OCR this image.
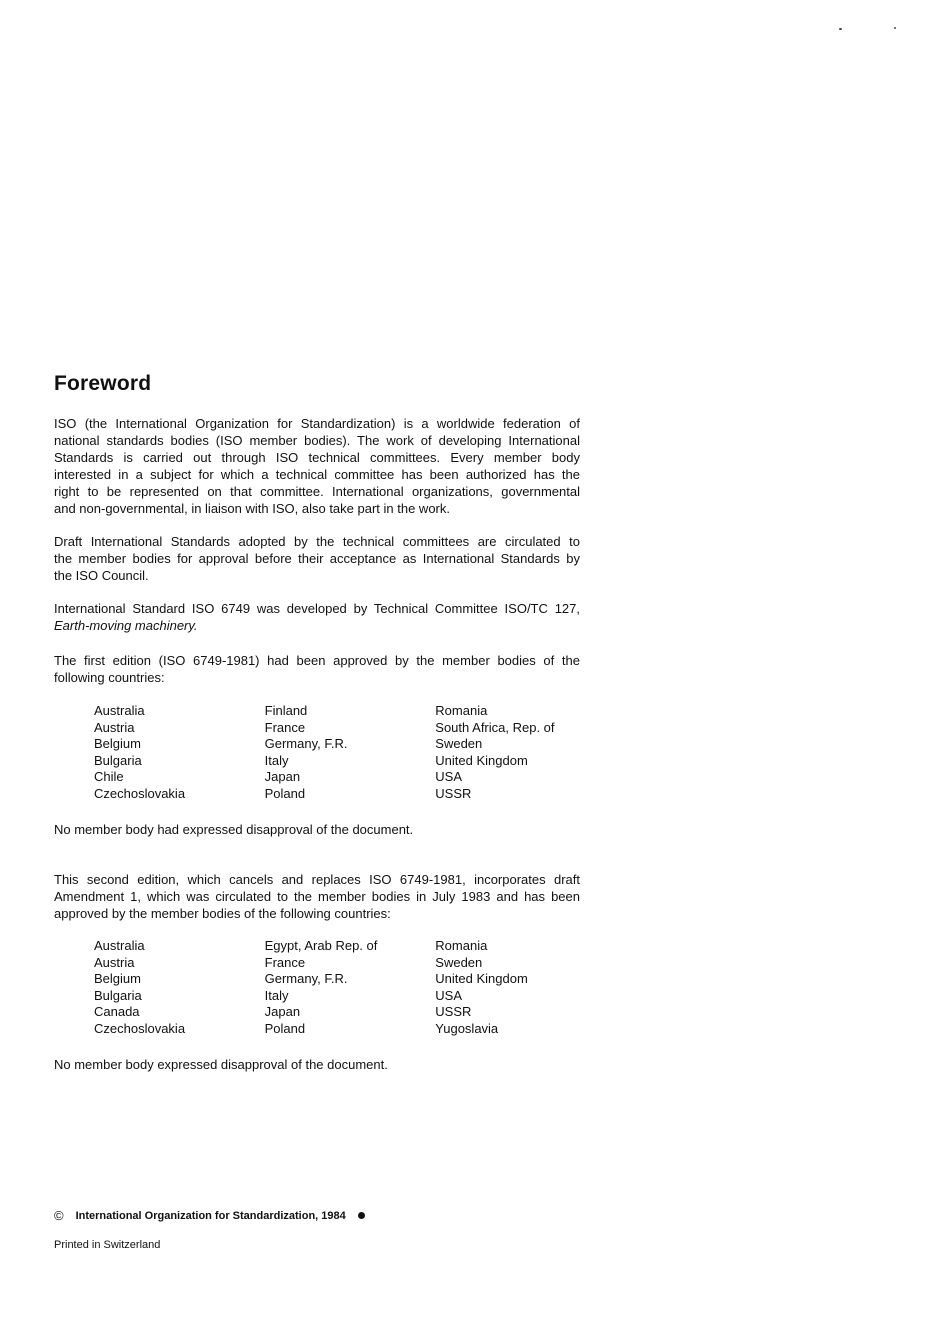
Foreword

ISO (the International Organization for Standardization) is a worldwide federation of
national standards bodies (ISO member bodies). The work of developing International
Standards is carried out through ISO technical committees. Every member body
interested in a subject for which a technical committee has been authorized has the
right to be represented on that committee. International organizations, governmental
and non-governmental, in liaison with ISO, also take part in the work.

Draft International Standards adopted by the technical committees are circulated to
the member bodies for approval before their acceptance as International Standards by
the ISO Council.

International Standard ISO 6749 was developed by Technical Committee ISO/TC 127,
Earth-moving machinery.

The first edition (ISO 6749-1981) had been approved by the member bodies of the
following countries:

Australia	Finland	Romania
Austria	France	South Africa, Rep. of
Belgium	Germany, F.R.	Sweden
Bulgaria	Italy	United Kingdom
Chile	Japan	USA
Czechoslovakia	Poland	USSR

No member body had expressed disapproval of the document.

This second edition, which cancels and replaces ISO 6749-1981, incorporates draft
Amendment 1, which was circulated to the member bodies in July 1983 and has been
approved by the member bodies of the following countries:

Australia	Egypt, Arab Rep. of	Romania
Austria	France	Sweden
Belgium	Germany, F.R.	United Kingdom
Bulgaria	Italy	USA
Canada	Japan	USSR
Czechoslovakia	Poland	Yugoslavia

No member body expressed disapproval of the document.

© International Organization for Standardization, 1984
Printed in Switzerland
